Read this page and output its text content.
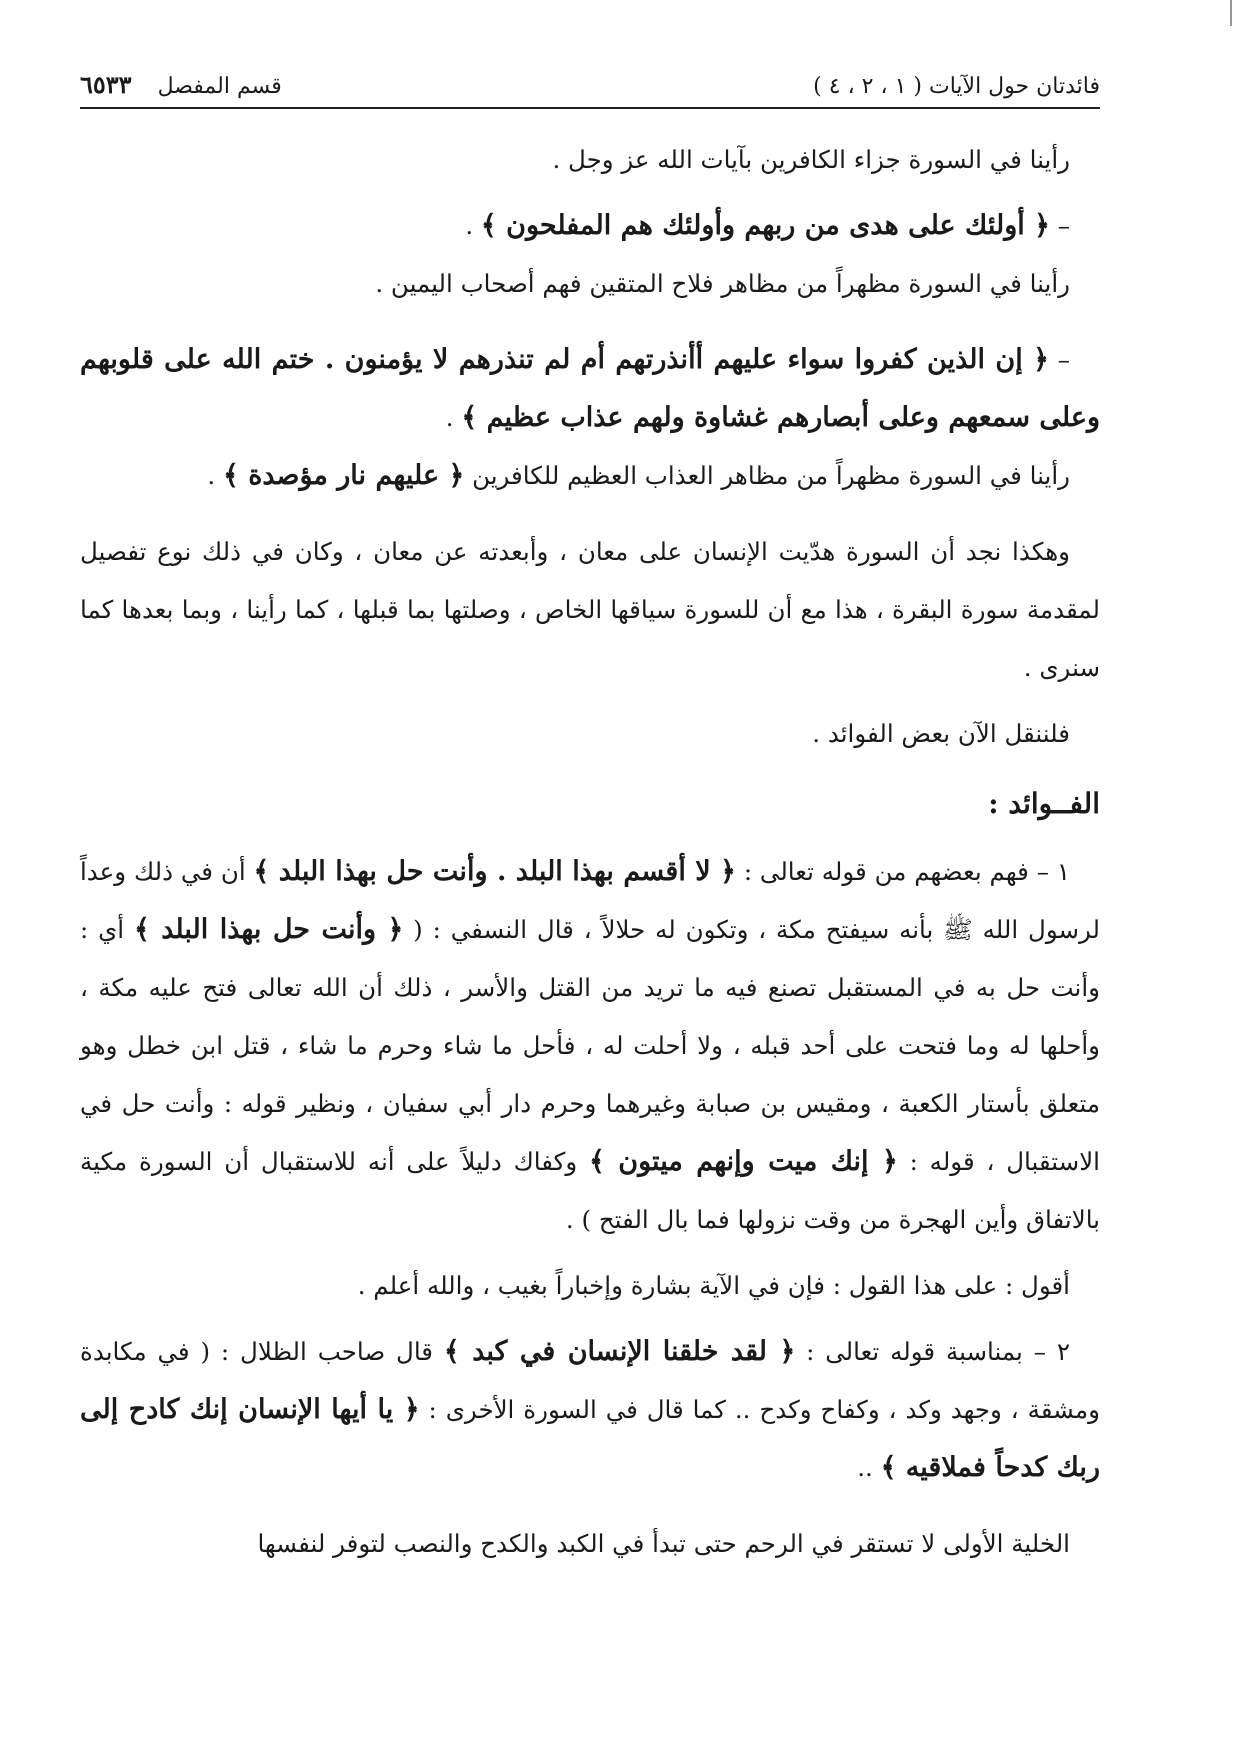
فائدتان حول الآيات ( ١ ، ٢ ، ٤ )
قسم المفصل
٦٥٣٣

رأينا في السورة جزاء الكافرين بآيات الله عز وجل .

– ﴿ أولئك على هدى من ربهم وأولئك هم المفلحون ﴾ .

رأينا في السورة مظهراً من مظاهر فلاح المتقين فهم أصحاب اليمين .

– ﴿ إن الذين كفروا سواء عليهم أأنذرتهم أم لم تنذرهم لا يؤمنون . ختم الله على قلوبهم وعلى سمعهم وعلى أبصارهم غشاوة ولهم عذاب عظيم ﴾ .

رأينا في السورة مظهراً من مظاهر العذاب العظيم للكافرين ﴿ عليهم نار مؤصدة ﴾ .

وهكذا نجد أن السورة هدّيت الإنسان على معان ، وأبعدته عن معان ، وكان في ذلك نوع تفصيل لمقدمة سورة البقرة ، هذا مع أن للسورة سياقها الخاص ، وصلتها بما قبلها ، كما رأينا ، وبما بعدها كما سنرى .

فلننقل الآن بعض الفوائد .

الفــوائد :

١ – فهم بعضهم من قوله تعالى : ﴿ لا أقسم بهذا البلد . وأنت حل بهذا البلد ﴾ أن في ذلك وعداً لرسول الله ﷺ بأنه سيفتح مكة ، وتكون له حلالاً ، قال النسفي : ( ﴿ وأنت حل بهذا البلد ﴾ أي : وأنت حل به في المستقبل تصنع فيه ما تريد من القتل والأسر ، ذلك أن الله تعالى فتح عليه مكة ، وأحلها له وما فتحت على أحد قبله ، ولا أحلت له ، فأحل ما شاء وحرم ما شاء ، قتل ابن خطل وهو متعلق بأستار الكعبة ، ومقيس بن صبابة وغيرهما وحرم دار أبي سفيان ، ونظير قوله : وأنت حل في الاستقبال ، قوله : ﴿ إنك ميت وإنهم ميتون ﴾ وكفاك دليلاً على أنه للاستقبال أن السورة مكية بالاتفاق وأين الهجرة من وقت نزولها فما بال الفتح ) .

أقول : على هذا القول : فإن في الآية بشارة وإخباراً بغيب ، والله أعلم .

٢ – بمناسبة قوله تعالى : ﴿ لقد خلقنا الإنسان في كبد ﴾ قال صاحب الظلال : ( في مكابدة ومشقة ، وجهد وكد ، وكفاح وكدح .. كما قال في السورة الأخرى : ﴿ يا أيها الإنسان إنك كادح إلى ربك كدحاً فملاقيه ﴾ ..

الخلية الأولى لا تستقر في الرحم حتى تبدأ في الكبد والكدح والنصب لتوفر لنفسها
